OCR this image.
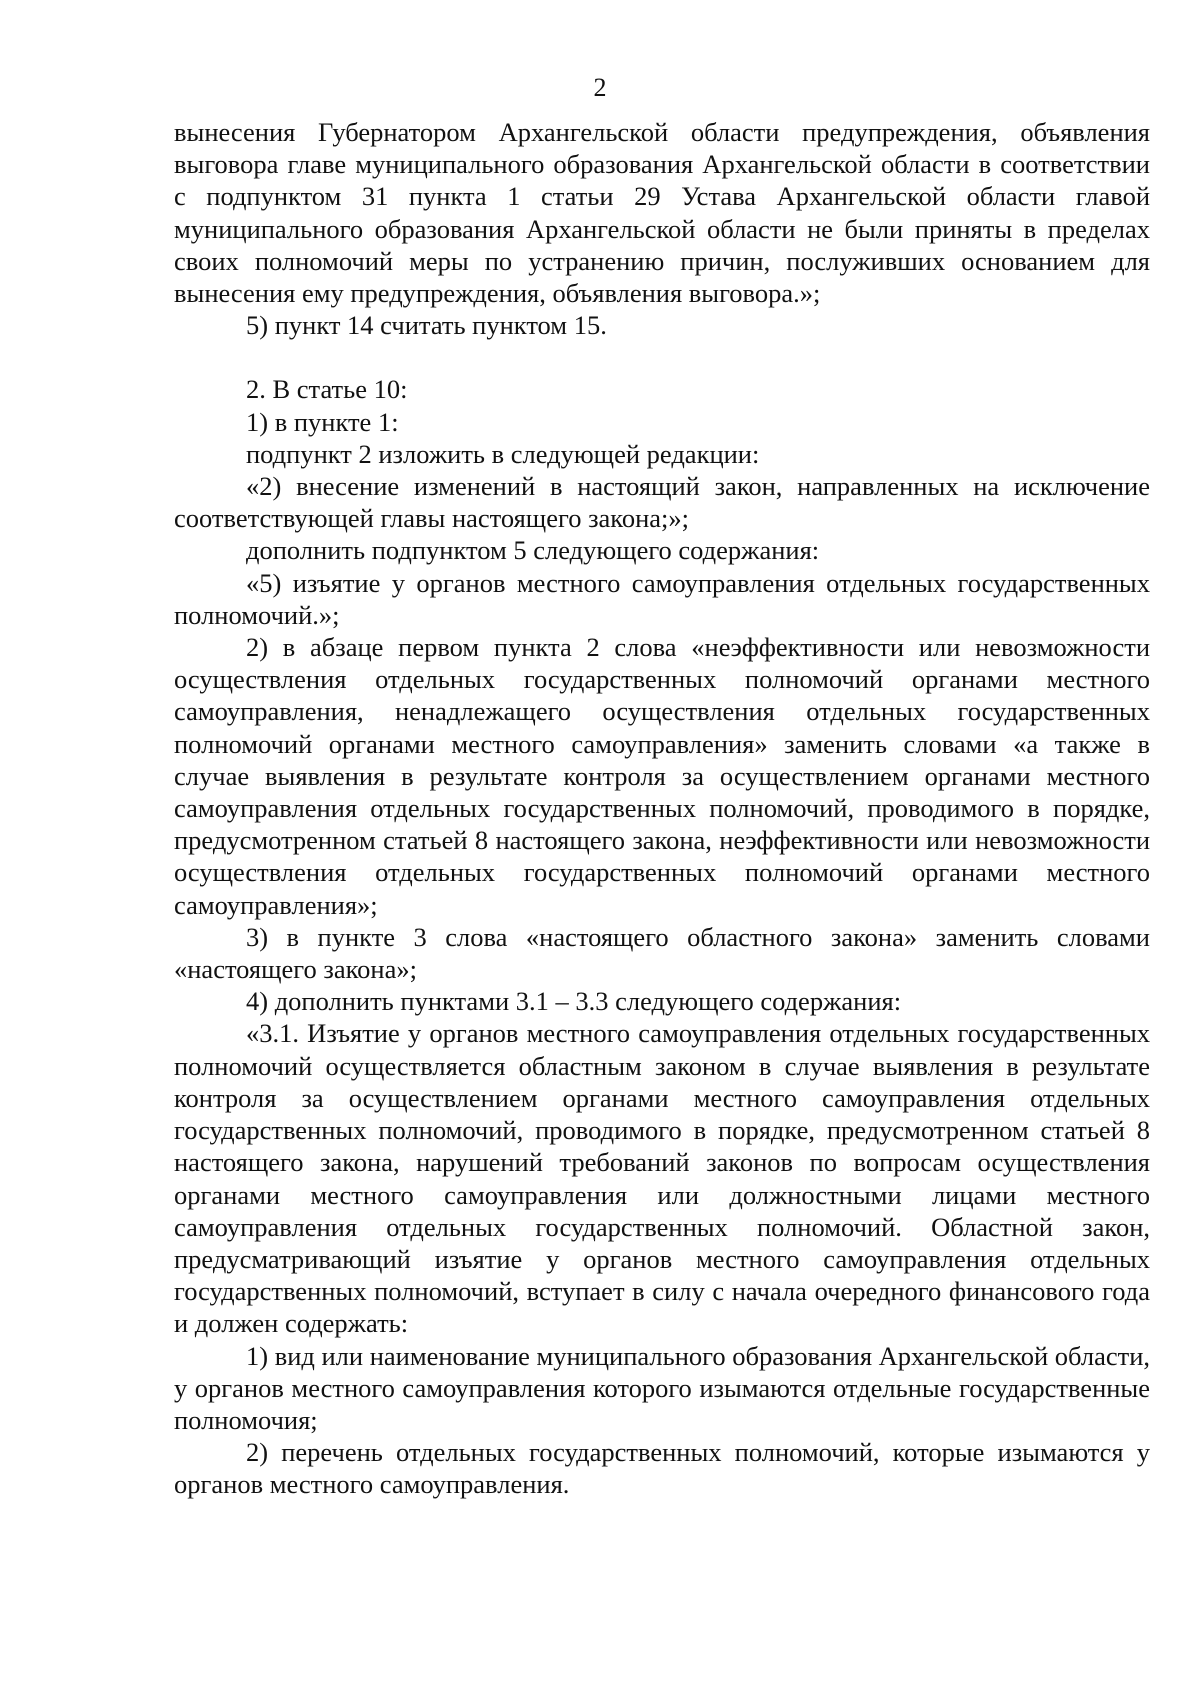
2

вынесения Губернатором Архангельской области предупреждения, объявления выговора главе муниципального образования Архангельской области в соответствии с подпунктом 31 пункта 1 статьи 29 Устава Архангельской области главой муниципального образования Архангельской области не были приняты в пределах своих полномочий меры по устранению причин, послуживших основанием для вынесения ему предупреждения, объявления выговора.»;

5) пункт 14 считать пунктом 15.

2. В статье 10:

1) в пункте 1:

подпункт 2 изложить в следующей редакции:

«2) внесение изменений в настоящий закон, направленных на исключение соответствующей главы настоящего закона;»;

дополнить подпунктом 5 следующего содержания:

«5) изъятие у органов местного самоуправления отдельных государственных полномочий.»;

2) в абзаце первом пункта 2 слова «неэффективности или невозможности осуществления отдельных государственных полномочий органами местного самоуправления, ненадлежащего осуществления отдельных государственных полномочий органами местного самоуправления» заменить словами «а также в случае выявления в результате контроля за осуществлением органами местного самоуправления отдельных государственных полномочий, проводимого в порядке, предусмотренном статьей 8 настоящего закона, неэффективности или невозможности осуществления отдельных государственных полномочий органами местного самоуправления»;

3) в пункте 3 слова «настоящего областного закона» заменить словами «настоящего закона»;

4) дополнить пунктами 3.1 – 3.3 следующего содержания:

«3.1. Изъятие у органов местного самоуправления отдельных государственных полномочий осуществляется областным законом в случае выявления в результате контроля за осуществлением органами местного самоуправления отдельных государственных полномочий, проводимого в порядке, предусмотренном статьей 8 настоящего закона, нарушений требований законов по вопросам осуществления органами местного самоуправления или должностными лицами местного самоуправления отдельных государственных полномочий. Областной закон, предусматривающий изъятие у органов местного самоуправления отдельных государственных полномочий, вступает в силу с начала очередного финансового года и должен содержать:

1) вид или наименование муниципального образования Архангельской области, у органов местного самоуправления которого изымаются отдельные государственные полномочия;

2) перечень отдельных государственных полномочий, которые изымаются у органов местного самоуправления.
